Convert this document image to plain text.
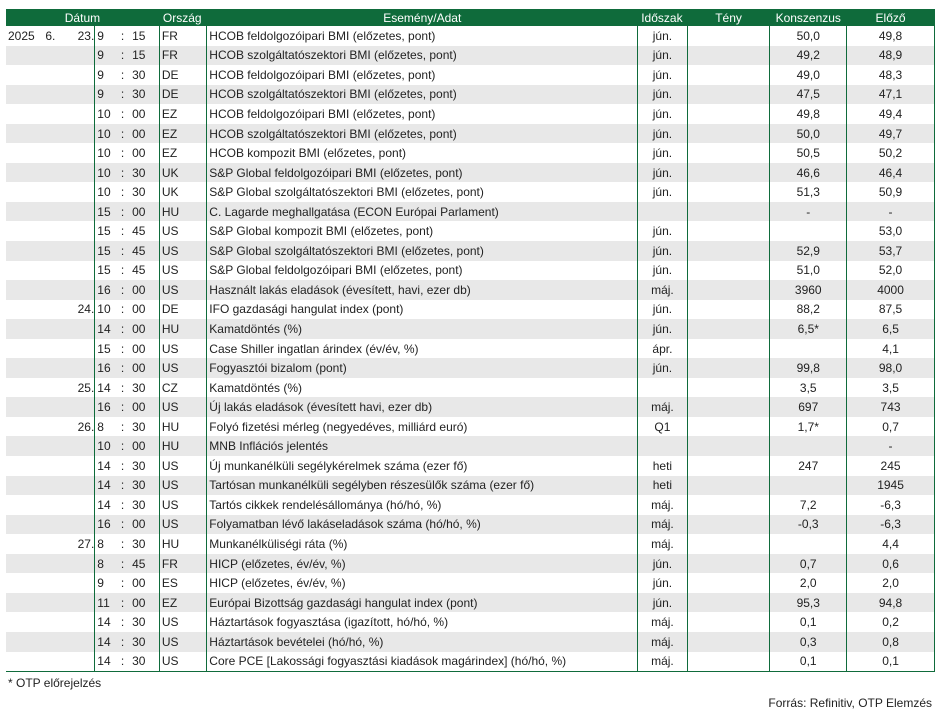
Dátum						Ország	Esemény/Adat	Időszak	Tény	Konszenzus	Előző
2025	6.	23.	9	:	15	FR	HCOB feldolgozóipari BMI (előzetes, pont)	jún.		50,0	49,8
			9	:	15	FR	HCOB szolgáltatószektori BMI (előzetes, pont)	jún.		49,2	48,9
			9	:	30	DE	HCOB feldolgozóipari BMI (előzetes, pont)	jún.		49,0	48,3
			9	:	30	DE	HCOB szolgáltatószektori BMI (előzetes, pont)	jún.		47,5	47,1
			10	:	00	EZ	HCOB feldolgozóipari BMI (előzetes, pont)	jún.		49,8	49,4
			10	:	00	EZ	HCOB szolgáltatószektori BMI (előzetes, pont)	jún.		50,0	49,7
			10	:	00	EZ	HCOB kompozit BMI (előzetes, pont)	jún.		50,5	50,2
			10	:	30	UK	S&P Global feldolgozóipari BMI (előzetes, pont)	jún.		46,6	46,4
			10	:	30	UK	S&P Global szolgáltatószektori BMI (előzetes, pont)	jún.		51,3	50,9
			15	:	00	HU	C. Lagarde meghallgatása (ECON Európai Parlament)			-	-
			15	:	45	US	S&P Global kompozit BMI (előzetes, pont)	jún.			53,0
			15	:	45	US	S&P Global szolgáltatószektori BMI (előzetes, pont)	jún.		52,9	53,7
			15	:	45	US	S&P Global feldolgozóipari BMI (előzetes, pont)	jún.		51,0	52,0
			16	:	00	US	Használt lakás eladások (évesített, havi, ezer db)	máj.		3960	4000
		24.	10	:	00	DE	IFO gazdasági hangulat index (pont)	jún.		88,2	87,5
			14	:	00	HU	Kamatdöntés (%)	jún.		6,5*	6,5
			15	:	00	US	Case Shiller ingatlan árindex (év/év, %)	ápr.			4,1
			16	:	00	US	Fogyasztói bizalom (pont)	jún.		99,8	98,0
		25.	14	:	30	CZ	Kamatdöntés (%)			3,5	3,5
			16	:	00	US	Új lakás eladások (évesített havi, ezer db)	máj.		697	743
		26.	8	:	30	HU	Folyó fizetési mérleg (negyedéves, milliárd euró)	Q1		1,7*	0,7
			10	:	00	HU	MNB Inflációs jelentés				-
			14	:	30	US	Új munkanélküli segélykérelmek száma (ezer fő)	heti		247	245
			14	:	30	US	Tartósan munkanélküli segélyben részesülők száma (ezer fő)	heti			1945
			14	:	30	US	Tartós cikkek rendelésállománya (hó/hó, %)	máj.		7,2	-6,3
			16	:	00	US	Folyamatban lévő lakáseladások száma (hó/hó, %)	máj.		-0,3	-6,3
		27.	8	:	30	HU	Munkanélküliségi ráta (%)	máj.			4,4
			8	:	45	FR	HICP (előzetes, év/év, %)	jún.		0,7	0,6
			9	:	00	ES	HICP (előzetes, év/év, %)	jún.		2,0	2,0
			11	:	00	EZ	Európai Bizottság gazdasági hangulat index (pont)	jún.		95,3	94,8
			14	:	30	US	Háztartások fogyasztása (igazított, hó/hó, %)	máj.		0,1	0,2
			14	:	30	US	Háztartások bevételei (hó/hó, %)	máj.		0,3	0,8
			14	:	30	US	Core PCE [Lakossági fogyasztási kiadások magárindex] (hó/hó, %)	máj.		0,1	0,1
* OTP előrejelzés
Forrás: Refinitiv, OTP Elemzés
